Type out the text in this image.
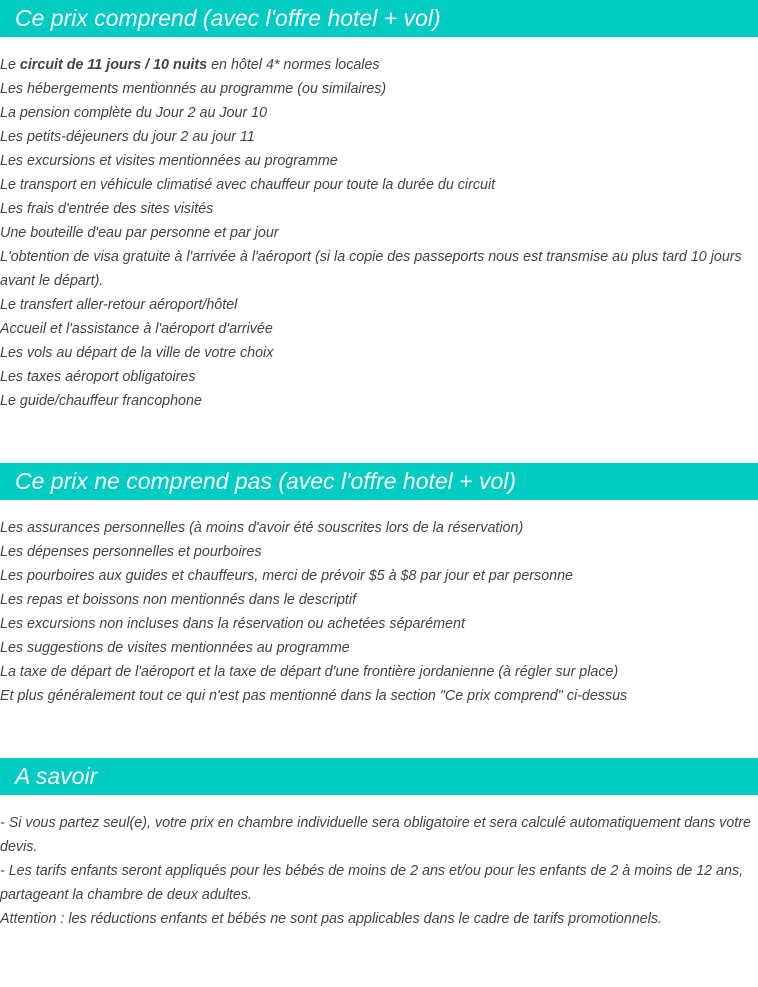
Ce prix comprend (avec l'offre hotel + vol)
Le circuit de 11 jours / 10 nuits en hôtel 4* normes locales
Les hébergements mentionnés au programme (ou similaires)
La pension complète du Jour 2 au Jour 10
Les petits-déjeuners du jour 2 au jour 11
Les excursions et visites mentionnées au programme
Le transport en véhicule climatisé avec chauffeur pour toute la durée du circuit
Les frais d'entrée des sites visités
Une bouteille d'eau par personne et par jour
L'obtention de visa gratuite à l'arrivée à l'aéroport (si la copie des passeports nous est transmise au plus tard 10 jours avant le départ).
Le transfert aller-retour aéroport/hôtel
Accueil et l'assistance à l'aéroport d'arrivée
Les vols au départ de la ville de votre choix
Les taxes aéroport obligatoires
Le guide/chauffeur francophone
Ce prix ne comprend pas (avec l'offre hotel + vol)
Les assurances personnelles (à moins d'avoir été souscrites lors de la réservation)
Les dépenses personnelles et pourboires
Les pourboires aux guides et chauffeurs, merci de prévoir $5 à $8 par jour et par personne
Les repas et boissons non mentionnés dans le descriptif
Les excursions non incluses dans la réservation ou achetées séparément
Les suggestions de visites mentionnées au programme
La taxe de départ de l'aéroport et la taxe de départ d'une frontière jordanienne (à régler sur place)
Et plus généralement tout ce qui n'est pas mentionné dans la section "Ce prix comprend" ci-dessus
A savoir
- Si vous partez seul(e), votre prix en chambre individuelle sera obligatoire et sera calculé automatiquement dans votre devis.
- Les tarifs enfants seront appliqués pour les bébés de moins de 2 ans et/ou pour les enfants de 2 à moins de 12 ans, partageant la chambre de deux adultes.
Attention : les réductions enfants et bébés ne sont pas applicables dans le cadre de tarifs promotionnels.
